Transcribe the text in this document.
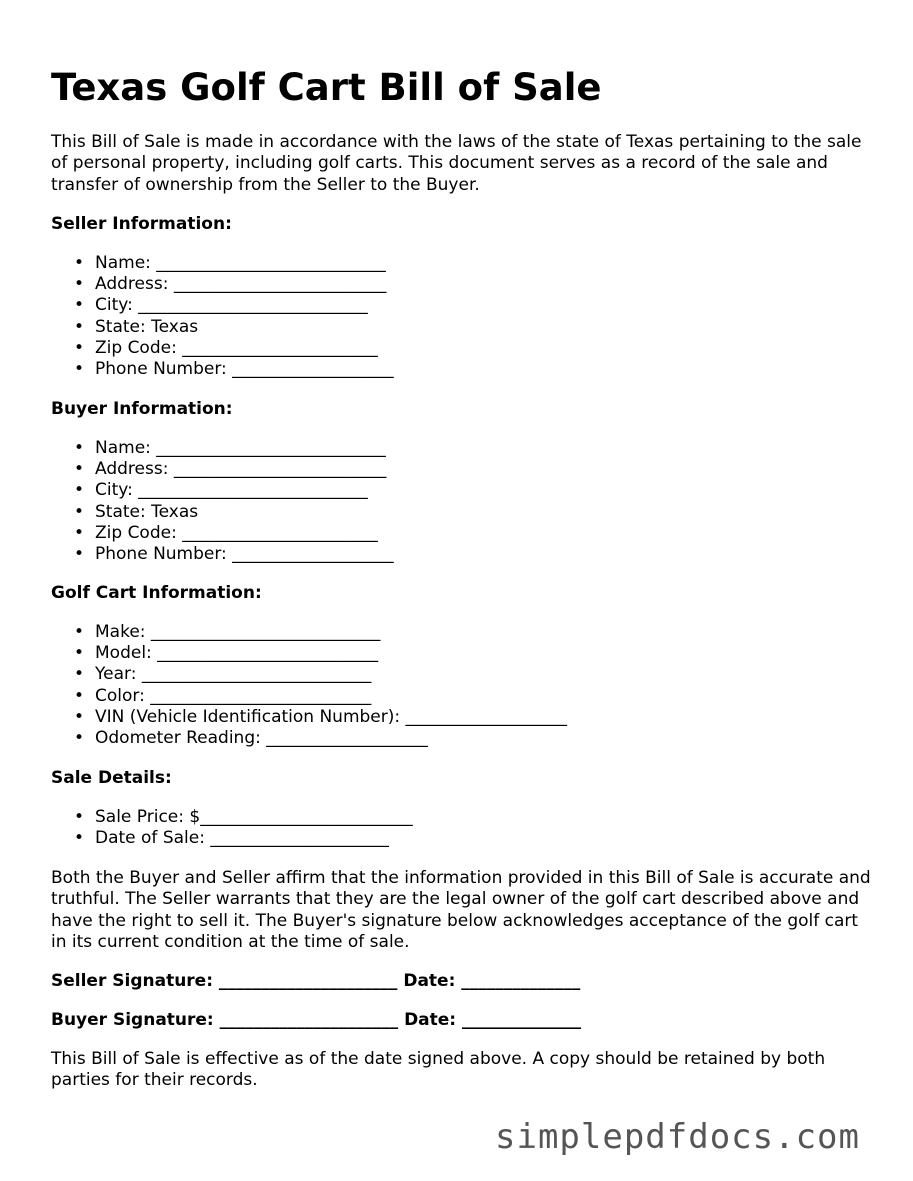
Texas Golf Cart Bill of Sale

This Bill of Sale is made in accordance with the laws of the state of Texas pertaining to the sale of personal property, including golf carts. This document serves as a record of the sale and transfer of ownership from the Seller to the Buyer.

Seller Information:

• Name: ___________________________
• Address: _________________________
• City: ___________________________
• State: Texas
• Zip Code: _______________________
• Phone Number: ___________________

Buyer Information:

• Name: ___________________________
• Address: _________________________
• City: ___________________________
• State: Texas
• Zip Code: _______________________
• Phone Number: ___________________

Golf Cart Information:

• Make: ___________________________
• Model: __________________________
• Year: ___________________________
• Color: __________________________
• VIN (Vehicle Identification Number): ___________________
• Odometer Reading: ___________________

Sale Details:

• Sale Price: $_________________________
• Date of Sale: _____________________

Both the Buyer and Seller affirm that the information provided in this Bill of Sale is accurate and truthful. The Seller warrants that they are the legal owner of the golf cart described above and have the right to sell it. The Buyer's signature below acknowledges acceptance of the golf cart in its current condition at the time of sale.

Seller Signature: _____________________ Date: ______________

Buyer Signature: _____________________ Date: ______________

This Bill of Sale is effective as of the date signed above. A copy should be retained by both parties for their records.

simplepdfdocs.com
